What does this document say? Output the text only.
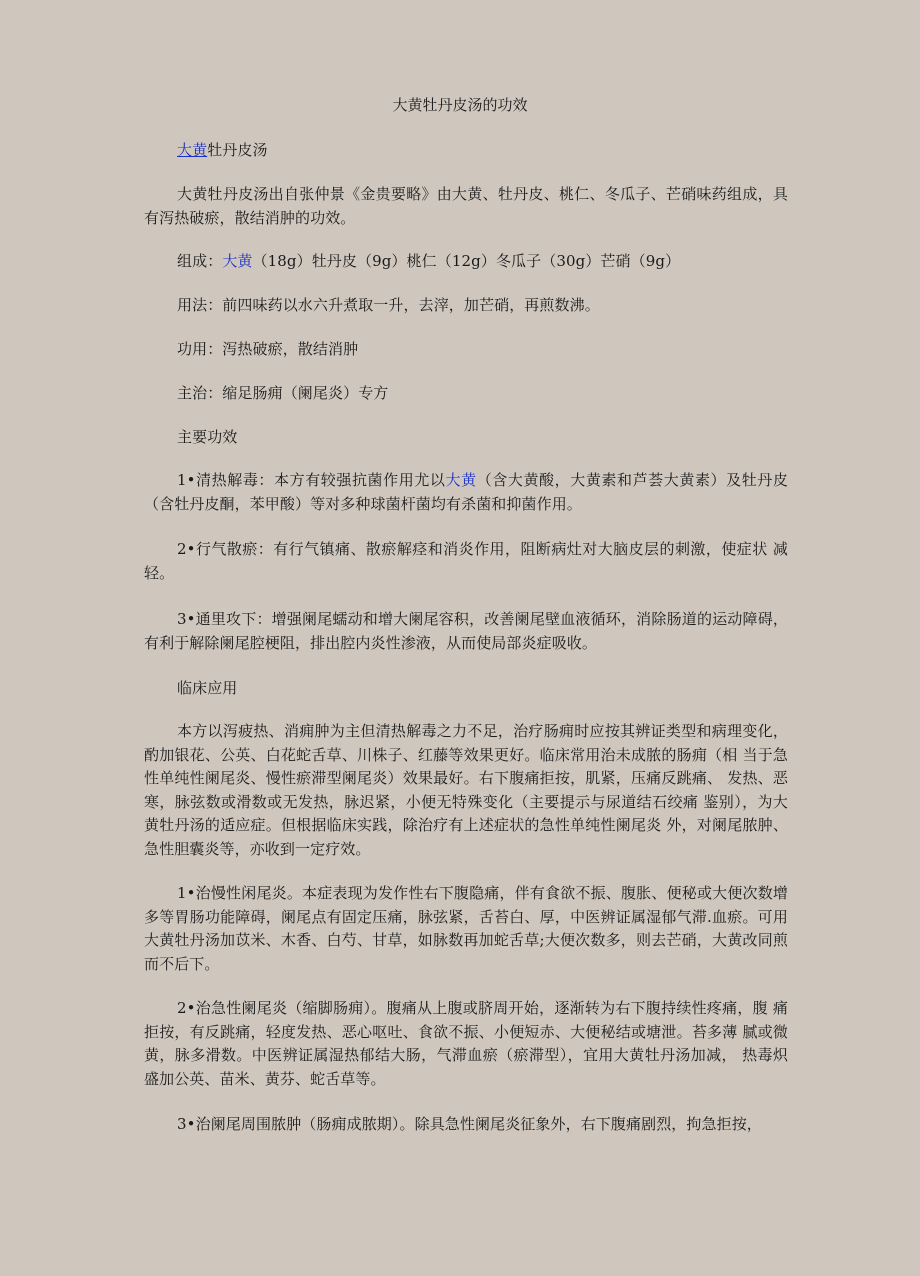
大黄牡丹皮汤的功效

大黄牡丹皮汤

大黄牡丹皮汤出自张仲景《金贵要略》由大黄、牡丹皮、桃仁、冬瓜子、芒硝味药组成，具有泻热破瘀，散结消肿的功效。

组成：大黄（18g）牡丹皮（9g）桃仁（12g）冬瓜子（30g）芒硝（9g）

用法：前四味药以水六升煮取一升，去滓，加芒硝，再煎数沸。

功用：泻热破瘀，散结消肿

主治：缩足肠痈（阑尾炎）专方

主要功效

1•清热解毒：本方有较强抗菌作用尤以大黄（含大黄酸，大黄素和芦荟大黄素）及牡丹皮 （含牡丹皮酮，苯甲酸）等对多种球菌杆菌均有杀菌和抑菌作用。

2•行气散瘀：有行气镇痛、散瘀解痉和消炎作用，阻断病灶对大脑皮层的刺激，使症状 减轻。

3•通里攻下：增强阑尾蠕动和增大阑尾容积，改善阑尾壁血液循环，消除肠道的运动障碍，有利于解除阑尾腔梗阻，排出腔内炎性渗液，从而使局部炎症吸收。

临床应用

本方以泻疲热、消痈肿为主但清热解毒之力不足，治疗肠痈时应按其辨证类型和病理变化，酌加银花、公英、白花蛇舌草、川株子、红藤等效果更好。临床常用治未成脓的肠痈（相 当于急性单纯性阑尾炎、慢性瘀滞型阑尾炎）效果最好。右下腹痛拒按，肌紧，压痛反跳痛、 发热、恶寒，脉弦数或滑数或无发热，脉迟紧，小便无特殊变化（主要提示与尿道结石绞痛 鉴别），为大黄牡丹汤的适应症。但根据临床实践，除治疗有上述症状的急性单纯性阑尾炎 外，对阑尾脓肿、急性胆囊炎等，亦收到一定疗效。

1•治慢性闲尾炎。本症表现为发作性右下腹隐痛，伴有食欲不振、腹胀、便秘或大便次数增多等胃肠功能障碍，阑尾点有固定压痛，脉弦紧，舌苔白、厚，中医辨证属湿郁气滞.血瘀。可用大黄牡丹汤加苡米、木香、白芍、甘草，如脉数再加蛇舌草;大便次数多，则去芒硝，大黄改同煎而不后下。

2•治急性阑尾炎（缩脚肠痈）。腹痛从上腹或脐周开始，逐渐转为右下腹持续性疼痛，腹 痛拒按，有反跳痛，轻度发热、恶心呕吐、食欲不振、小便短赤、大便秘结或塘泄。苔多薄 腻或微黄，脉多滑数。中医辨证属湿热郁结大肠，气滞血瘀（瘀滞型），宜用大黄牡丹汤加减， 热毒炽盛加公英、苗米、黄芬、蛇舌草等。

3•治阑尾周围脓肿（肠痈成脓期）。除具急性阑尾炎征象外，右下腹痛剧烈，拘急拒按，
